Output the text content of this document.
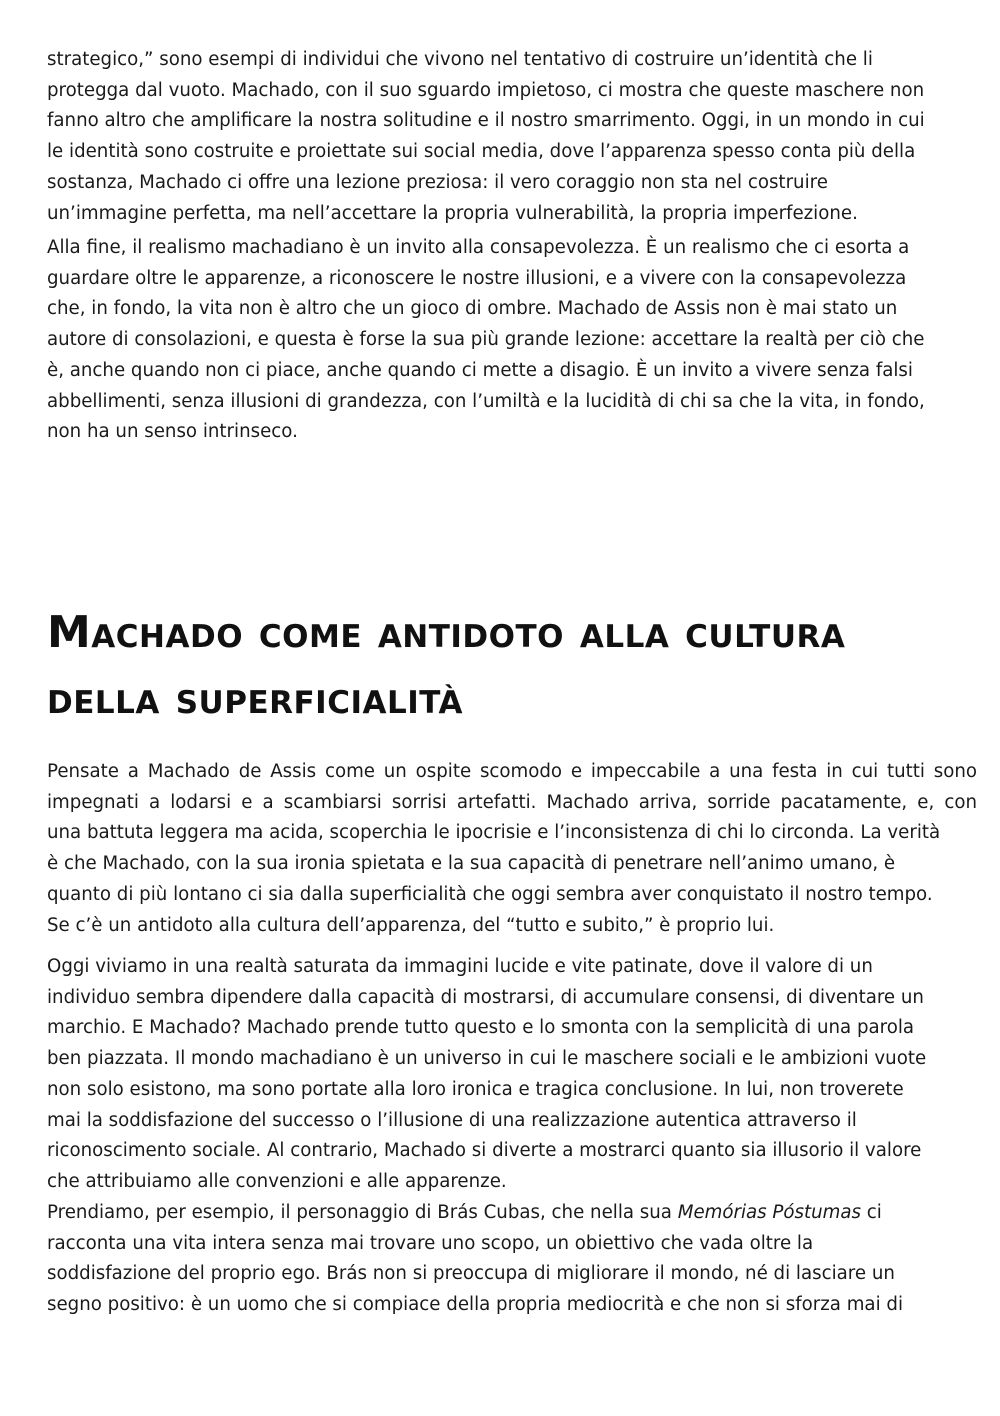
strategico,” sono esempi di individui che vivono nel tentativo di costruire un’identità che li
protegga dal vuoto. Machado, con il suo sguardo impietoso, ci mostra che queste maschere non
fanno altro che amplificare la nostra solitudine e il nostro smarrimento. Oggi, in un mondo in cui
le identità sono costruite e proiettate sui social media, dove l’apparenza spesso conta più della
sostanza, Machado ci offre una lezione preziosa: il vero coraggio non sta nel costruire
un’immagine perfetta, ma nell’accettare la propria vulnerabilità, la propria imperfezione.
Alla fine, il realismo machadiano è un invito alla consapevolezza. È un realismo che ci esorta a
guardare oltre le apparenze, a riconoscere le nostre illusioni, e a vivere con la consapevolezza
che, in fondo, la vita non è altro che un gioco di ombre. Machado de Assis non è mai stato un
autore di consolazioni, e questa è forse la sua più grande lezione: accettare la realtà per ciò che
è, anche quando non ci piace, anche quando ci mette a disagio. È un invito a vivere senza falsi
abbellimenti, senza illusioni di grandezza, con l’umiltà e la lucidità di chi sa che la vita, in fondo,
non ha un senso intrinseco.
Machado come antidoto alla cultura
della superficialità
Pensate a Machado de Assis come un ospite scomodo e impeccabile a una festa in cui tutti sono
impegnati a lodarsi e a scambiarsi sorrisi artefatti. Machado arriva, sorride pacatamente, e, con
una battuta leggera ma acida, scoperchia le ipocrisie e l’inconsistenza di chi lo circonda. La verità
è che Machado, con la sua ironia spietata e la sua capacità di penetrare nell’animo umano, è
quanto di più lontano ci sia dalla superficialità che oggi sembra aver conquistato il nostro tempo.
Se c’è un antidoto alla cultura dell’apparenza, del “tutto e subito,” è proprio lui.
Oggi viviamo in una realtà saturata da immagini lucide e vite patinate, dove il valore di un
individuo sembra dipendere dalla capacità di mostrarsi, di accumulare consensi, di diventare un
marchio. E Machado? Machado prende tutto questo e lo smonta con la semplicità di una parola
ben piazzata. Il mondo machadiano è un universo in cui le maschere sociali e le ambizioni vuote
non solo esistono, ma sono portate alla loro ironica e tragica conclusione. In lui, non troverete
mai la soddisfazione del successo o l’illusione di una realizzazione autentica attraverso il
riconoscimento sociale. Al contrario, Machado si diverte a mostrarci quanto sia illusorio il valore
che attribuiamo alle convenzioni e alle apparenze.
Prendiamo, per esempio, il personaggio di Brás Cubas, che nella sua Memórias Póstumas ci
racconta una vita intera senza mai trovare uno scopo, un obiettivo che vada oltre la
soddisfazione del proprio ego. Brás non si preoccupa di migliorare il mondo, né di lasciare un
segno positivo: è un uomo che si compiace della propria mediocrità e che non si sforza mai di
